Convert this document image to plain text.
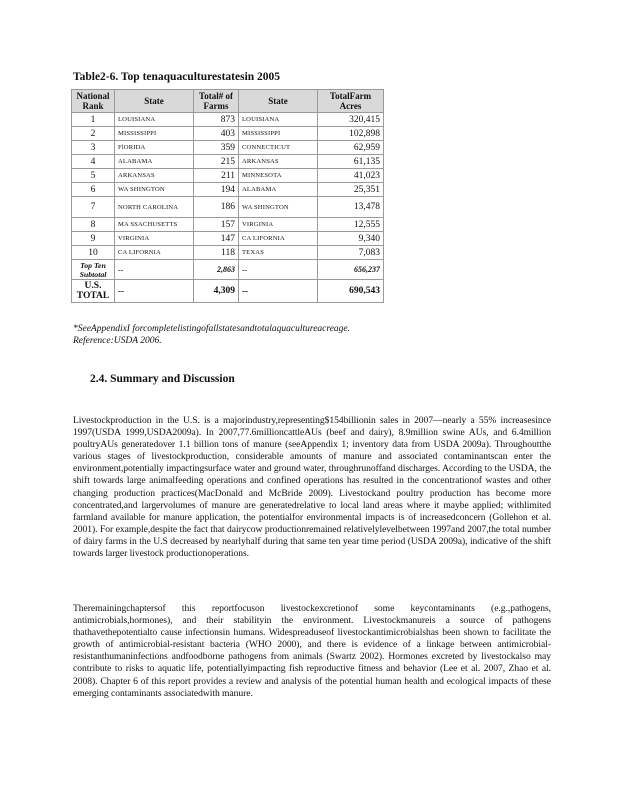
Table2-6. Top tenaquaculturestatesin 2005
National Rank	State	Total# of Farms	State	TotalFarm Acres
1	LOUISIANA	873	LOUISIANA	320,415
2	MISSISSIPPI	403	MISSISSIPPI	102,898
3	FlORIDA	359	CONNECTICUT	62,959
4	ALABAMA	215	ARKANSAS	61,135
5	ARKANSAS	211	MINNESOTA	41,023
6	WA SHINGTON	194	ALABAMA	25,351
7	NORTH CAROLINA	186	WA SHINGTON	13,478
8	MA SSACHUSETTS	157	VIRGINIA	12,555
9	VIRGINIA	147	CA LIFORNIA	9,340
10	CA LIFORNIA	118	TEXAS	7,083
Top Ten Subtotal	--	2,863	--	656,237
U.S. TOTAL	--	4,309	--	690,543
*SeeAppendixI forcompletelistingofallstatesandtotalaquacultureacreage. Reference:USDA 2006.
2.4. Summary and Discussion

Livestockproduction in the U.S. is a majorindustry,representing$154billionin sales in 2007—nearly a 55% increasesince 1997(USDA 1999,USDA2009a). In 2007,77.6millioncattleAUs (beef and dairy), 8.9million swine AUs, and 6.4million poultryAUs generatedover 1.1 billion tons of manure (seeAppendix 1; inventory data from USDA 2009a). Throughoutthe various stages of livestockproduction, considerable amounts of manure and associated contaminantscan enter the environment,potentially impactingsurface water and ground water, throughrunoffand discharges. According to the USDA, the shift towards large animalfeeding operations and confined operations has resulted in the concentrationof wastes and other changing production practices(MacDonald and McBride 2009). Livestockand poultry production has become more concentrated,and largervolumes of manure are generatedrelative to local land areas where it maybe applied; withlimited farmland available for manure application, the potentialfor environmental impacts is of increasedconcern (Gollehon et al. 2001). For example,despite the fact that dairycow productionremained relativelylevelbetween 1997and 2007,the total number of dairy farms in the U.S decreased by nearlyhalf during that same ten year time period (USDA 2009a), indicative of the shift towards larger livestock productionoperations.

Theremainingchaptersof this reportfocuson livestockexcretionof some keycontaminants (e.g.,pathogens, antimicrobials,hormones), and their stabilityin the environment. Livestockmanureis a source of pathogens thathavethepotentialto cause infectionsin humans. Widespreaduseof livestockantimicrobialshas been shown to facilitate the growth of antimicrobial-resistant bacteria (WHO 2000), and there is evidence of a linkage between antimicrobial-resistanthumaninfections andfoodborne pathogens from animals (Swartz 2002). Hormones excreted by livestockalso may contribute to risks to aquatic life, potentiallyimpacting fish reproductive fitness and behavior (Lee et al. 2007, Zhao et al. 2008). Chapter 6 of this report provides a review and analysis of the potential human health and ecological impacts of these emerging contaminants associatedwith manure.
